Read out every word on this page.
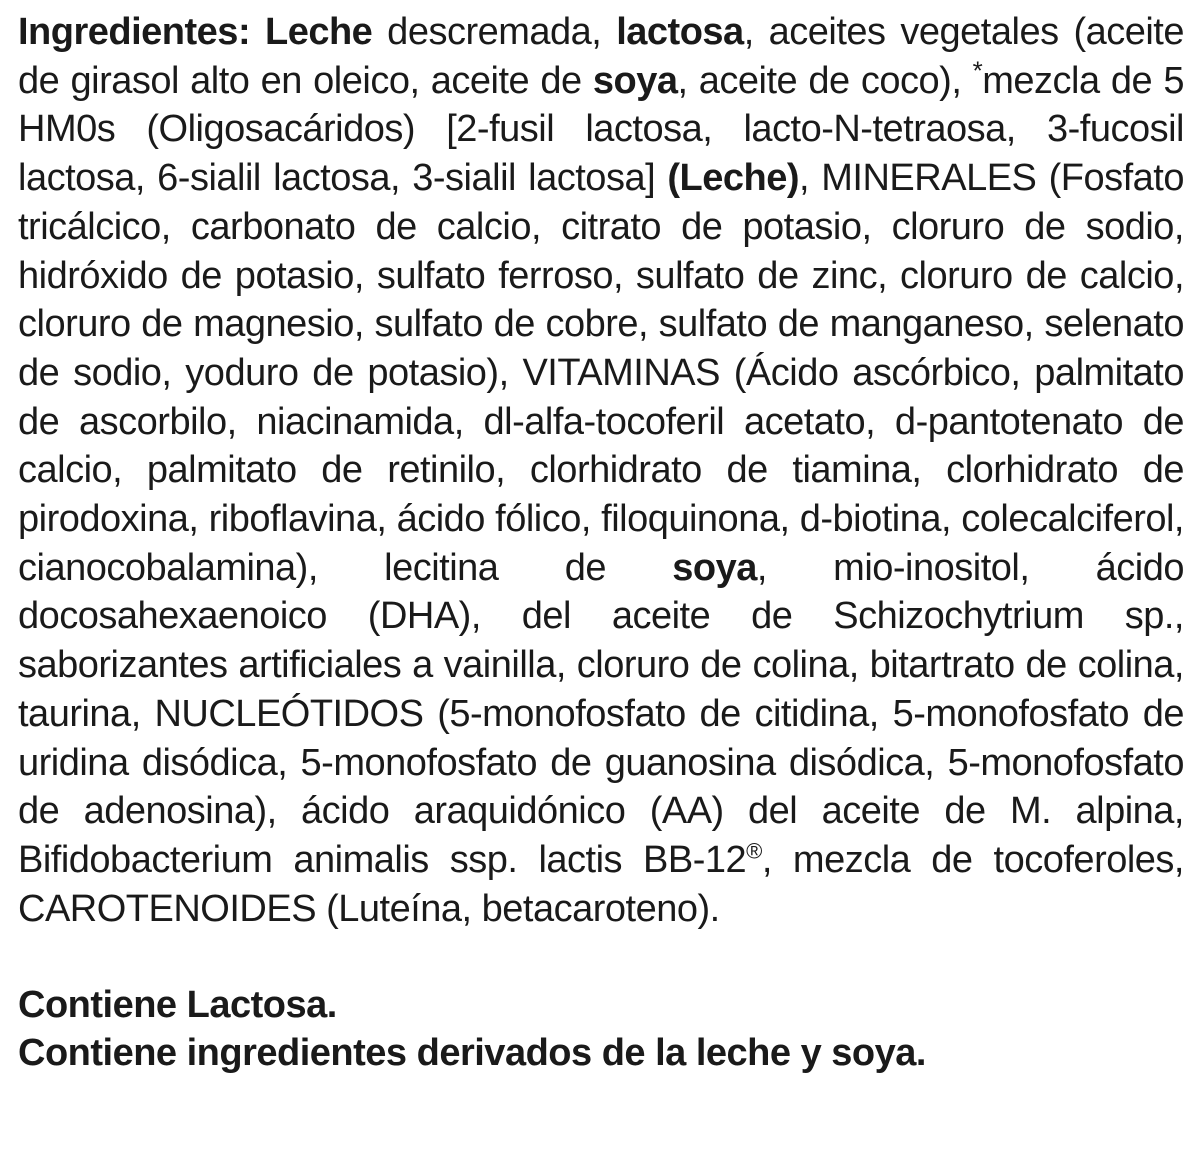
Ingredientes: Leche descremada, lactosa, aceites vegetales (aceite de girasol alto en oleico, aceite de soya, aceite de coco), *mezcla de 5 HM0s (Oligosacáridos) [2-fusil lactosa, lacto-N-tetraosa, 3-fucosil lactosa, 6-sialil lactosa, 3-sialil lactosa] (Leche), MINERALES (Fosfato tricálcico, carbonato de calcio, citrato de potasio, cloruro de sodio, hidróxido de potasio, sulfato ferroso, sulfato de zinc, cloruro de calcio, cloruro de magnesio, sulfato de cobre, sulfato de manganeso, selenato de sodio, yoduro de potasio), VITAMINAS (Ácido ascórbico, palmitato de ascorbilo, niacinamida, dl-alfa-tocoferil acetato, d-pantotenato de calcio, palmitato de retinilo, clorhidrato de tiamina, clorhidrato de pirodoxina, riboflavina, ácido fólico, filoquinona, d-biotina, colecalciferol, cianocobalamina), lecitina de soya, mio-inositol, ácido docosahexaenoico (DHA), del aceite de Schizochytrium sp., saborizantes artificiales a vainilla, cloruro de colina, bitartrato de colina, taurina, NUCLEÓTIDOS (5-monofosfato de citidina, 5-monofosfato de uridina disódica, 5-monofosfato de guanosina disódica, 5-monofosfato de adenosina), ácido araquidónico (AA) del aceite de M. alpina, Bifidobacterium animalis ssp. lactis BB-12®, mezcla de tocoferoles, CAROTENOIDES (Luteína, betacaroteno).

Contiene Lactosa.
Contiene ingredientes derivados de la leche y soya.
